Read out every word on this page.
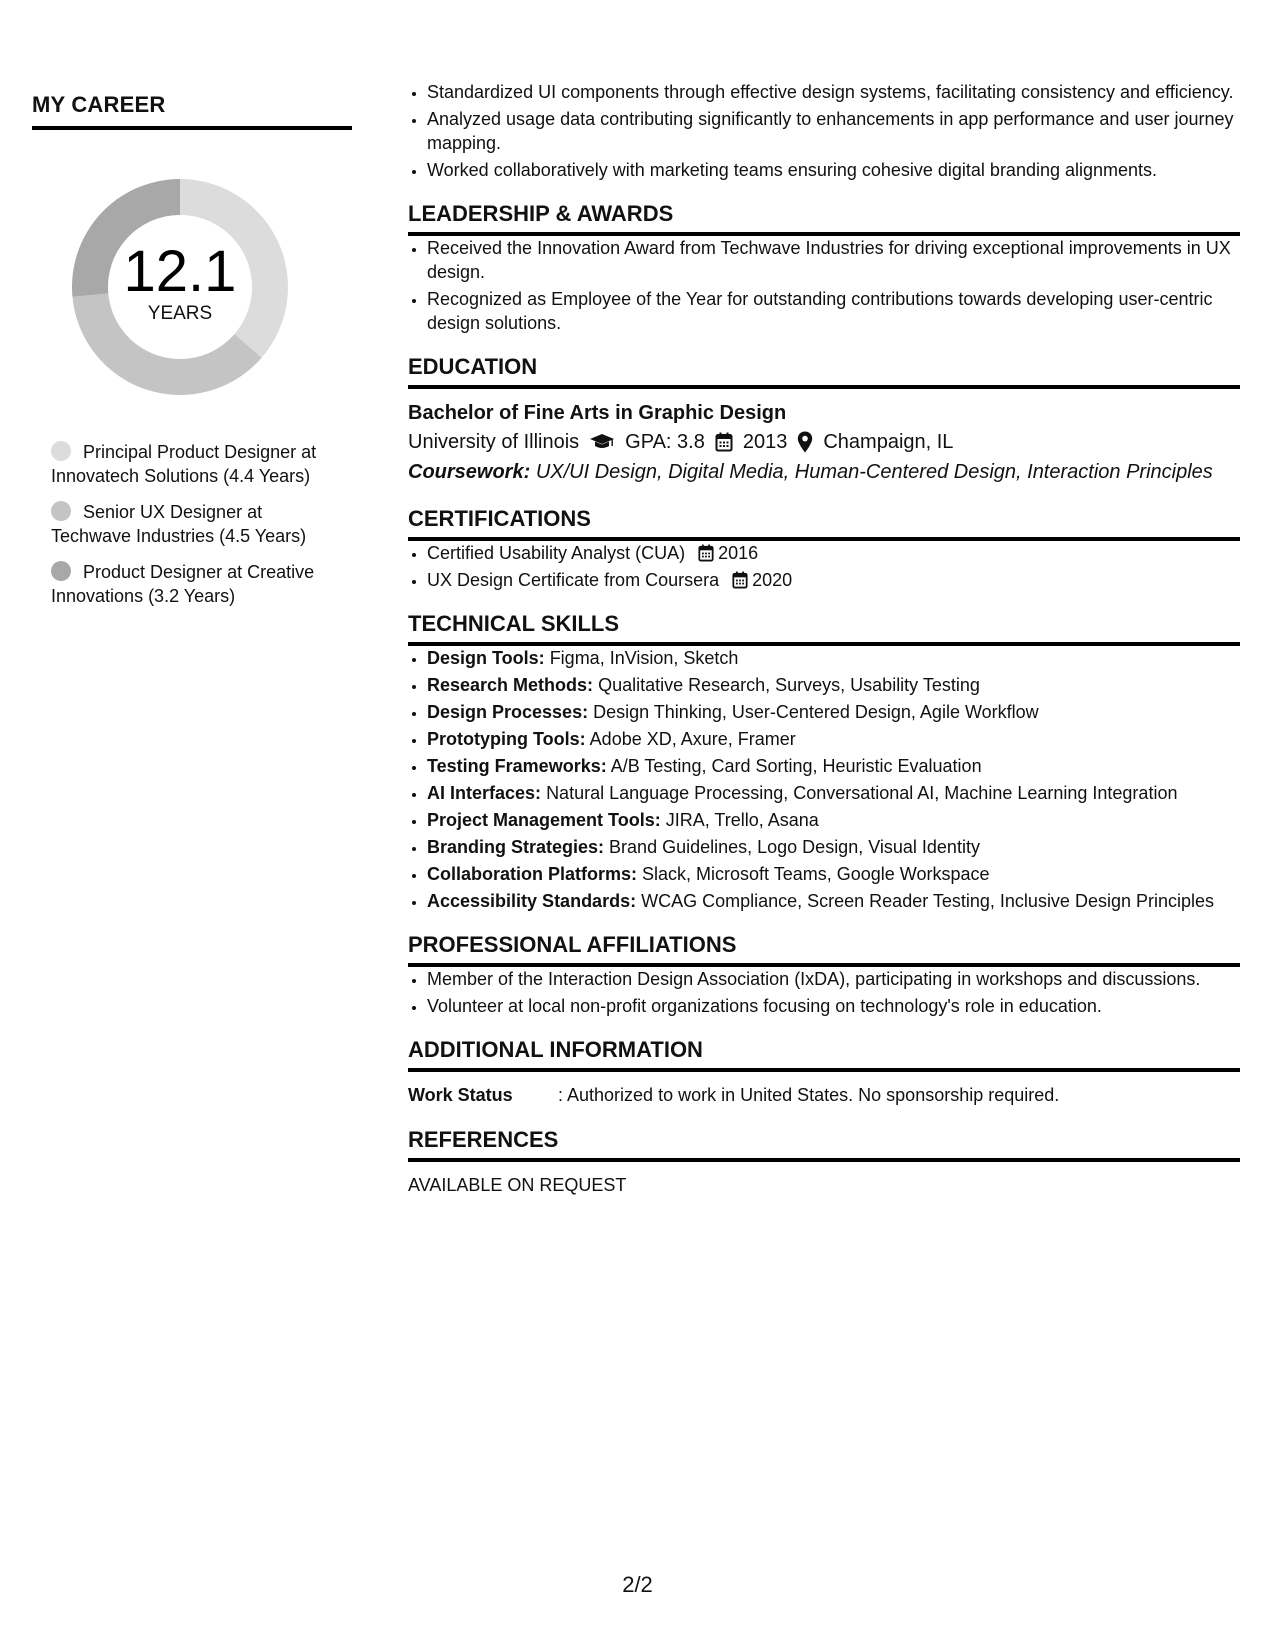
MY CAREER
12.1
YEARS
Principal Product Designer at Innovatech Solutions (4.4 Years)
Senior UX Designer at Techwave Industries (4.5 Years)
Product Designer at Creative Innovations (3.2 Years)
• Standardized UI components through effective design systems, facilitating consistency and efficiency.
• Analyzed usage data contributing significantly to enhancements in app performance and user journey mapping.
• Worked collaboratively with marketing teams ensuring cohesive digital branding alignments.
LEADERSHIP & AWARDS
• Received the Innovation Award from Techwave Industries for driving exceptional improvements in UX design.
• Recognized as Employee of the Year for outstanding contributions towards developing user-centric design solutions.
EDUCATION
Bachelor of Fine Arts in Graphic Design
University of Illinois GPA: 3.8 2013 Champaign, IL
Coursework: UX/UI Design, Digital Media, Human-Centered Design, Interaction Principles
CERTIFICATIONS
• Certified Usability Analyst (CUA) 2016
• UX Design Certificate from Coursera 2020
TECHNICAL SKILLS
• Design Tools: Figma, InVision, Sketch
• Research Methods: Qualitative Research, Surveys, Usability Testing
• Design Processes: Design Thinking, User-Centered Design, Agile Workflow
• Prototyping Tools: Adobe XD, Axure, Framer
• Testing Frameworks: A/B Testing, Card Sorting, Heuristic Evaluation
• AI Interfaces: Natural Language Processing, Conversational AI, Machine Learning Integration
• Project Management Tools: JIRA, Trello, Asana
• Branding Strategies: Brand Guidelines, Logo Design, Visual Identity
• Collaboration Platforms: Slack, Microsoft Teams, Google Workspace
• Accessibility Standards: WCAG Compliance, Screen Reader Testing, Inclusive Design Principles
PROFESSIONAL AFFILIATIONS
• Member of the Interaction Design Association (IxDA), participating in workshops and discussions.
• Volunteer at local non-profit organizations focusing on technology's role in education.
ADDITIONAL INFORMATION
Work Status	: Authorized to work in United States. No sponsorship required.
REFERENCES
AVAILABLE ON REQUEST
2/2
